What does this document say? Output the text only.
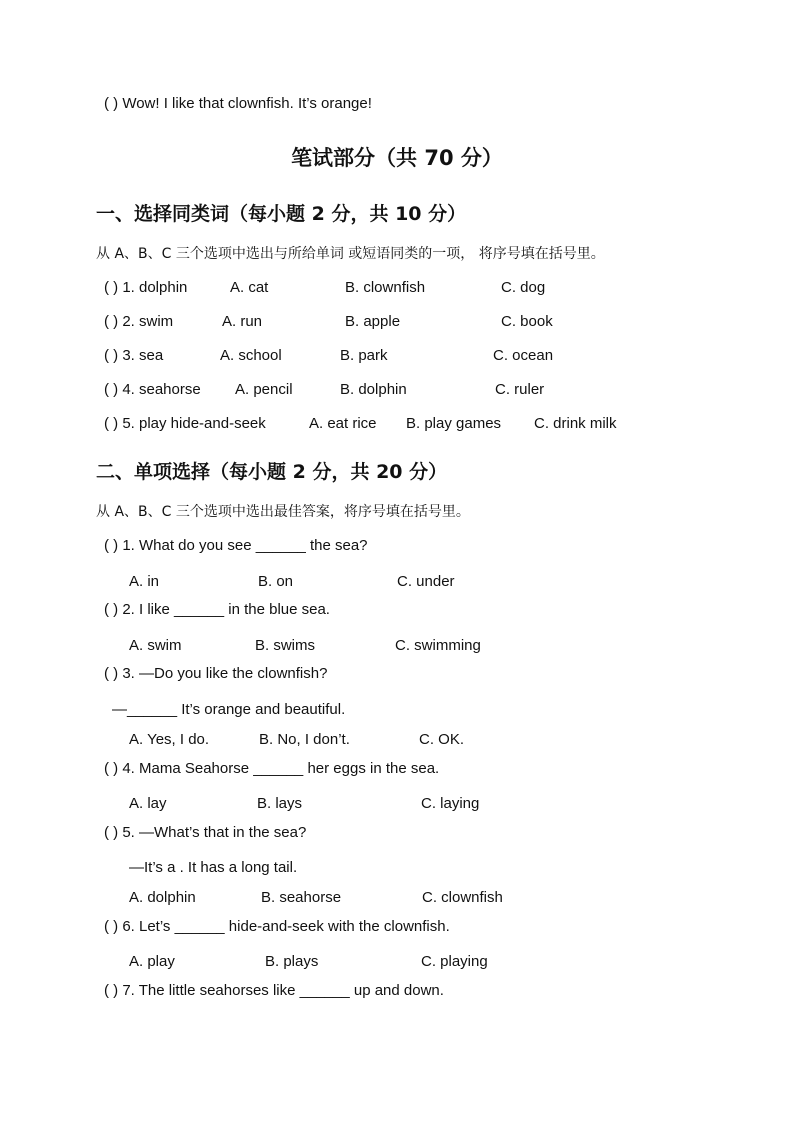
( ) Wow! I like that clownfish. It’s orange!
笔试部分（共 70 分）
一、选择同类词（每小题 2 分，共 10 分）
从 A、B、C 三个选项中选出与所给单词 或短语同类的一项， 将序号填在括号里。
( ) 1. dolphin	A. cat	B. clownfish	C. dog
( ) 2. swim	A. run	B. apple	C. book
( ) 3. sea	A. school	B. park	C. ocean
( ) 4. seahorse A. pencil	B. dolphin	C. ruler
( ) 5. play hide-and-seek	A. eat rice B. play games C. drink milk
二、单项选择（每小题 2 分，共 20 分）
从 A、B、C 三个选项中选出最佳答案，将序号填在括号里。
( ) 1. What do you see ______ the sea?
A. in	B. on	C. under
( ) 2. I like ______ in the blue sea.
A. swim	B. swims	C. swimming
( ) 3. —Do you like the clownfish?
—______ It’s orange and beautiful.
A. Yes, I do.	B. No, I don’t.	C. OK.
( ) 4. Mama Seahorse ______ her eggs in the sea.
A. lay	B. lays	C. laying
( ) 5. —What’s that in the sea?
—It’s a . It has a long tail.
A. dolphin	B. seahorse	C. clownfish
( ) 6. Let’s ______ hide-and-seek with the clownfish.
A. play	B. plays	C. playing
( ) 7. The little seahorses like ______ up and down.
